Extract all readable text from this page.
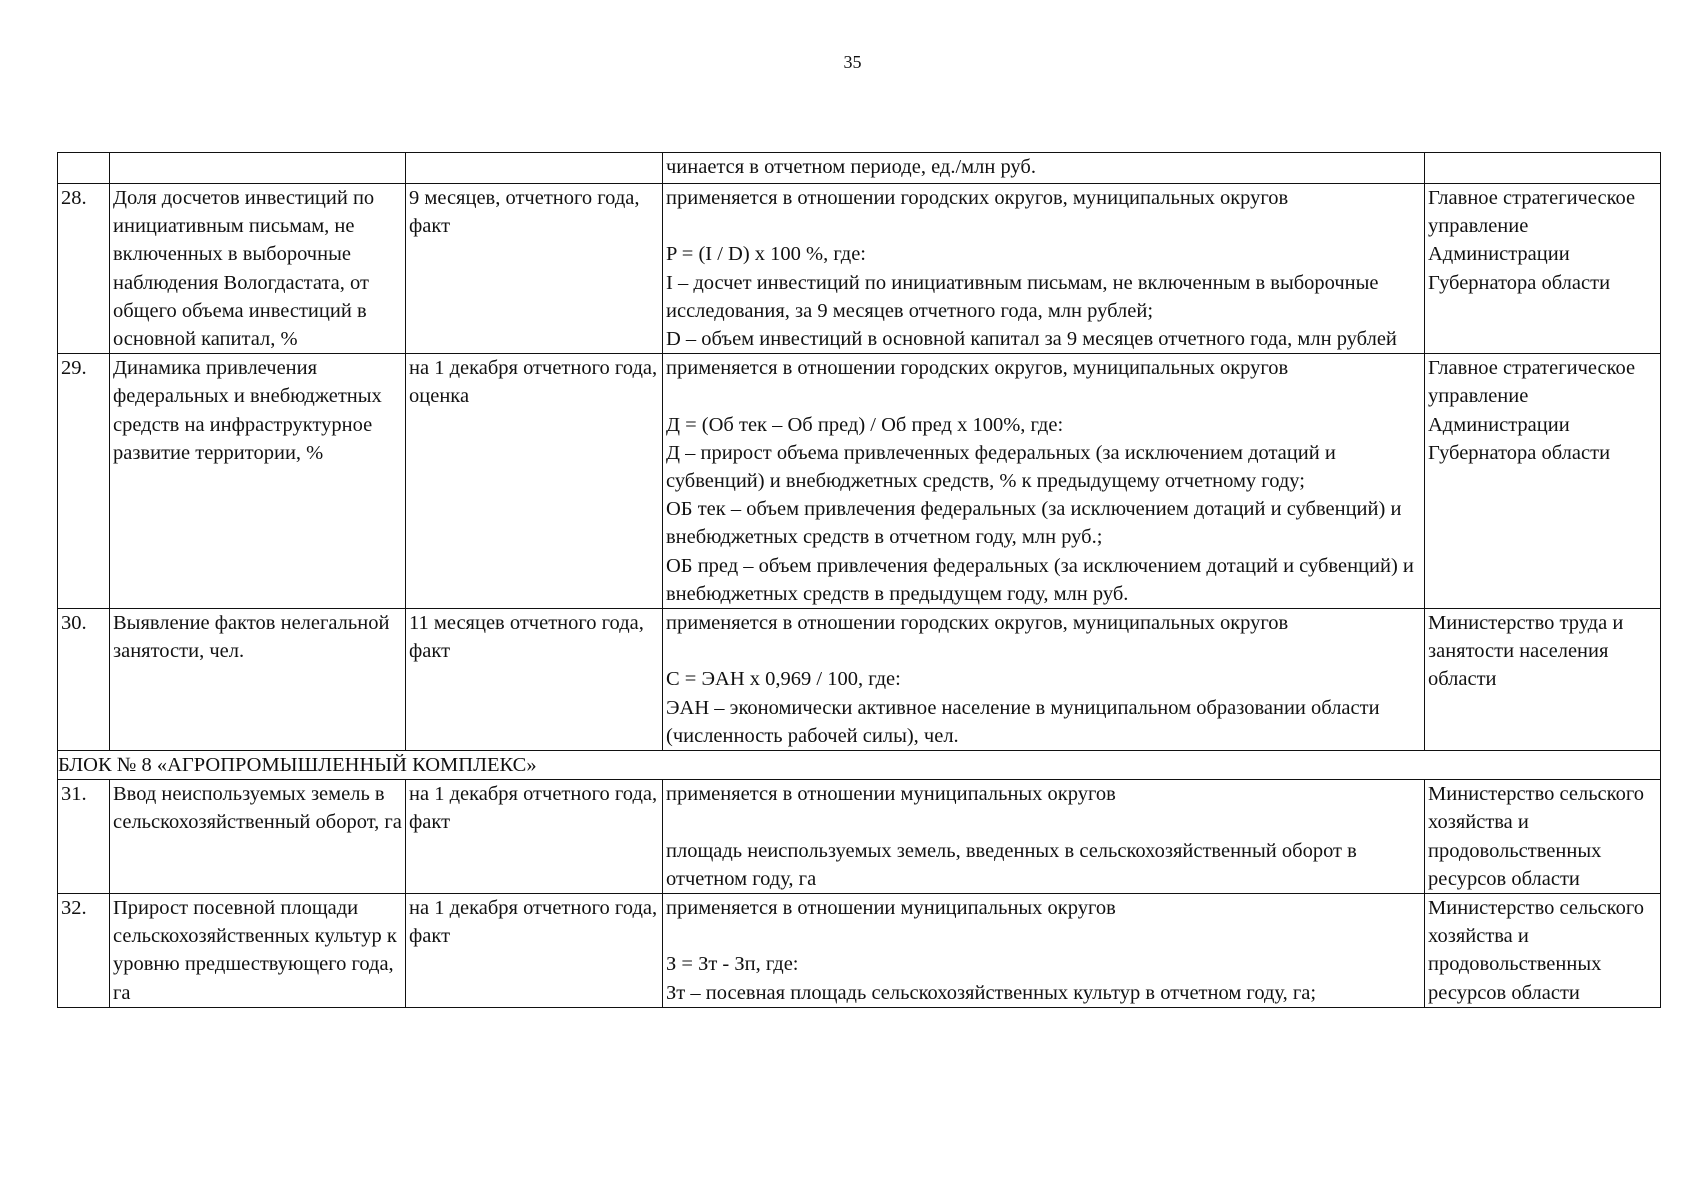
35
			чинается в отчетном периоде, ед./млн руб.	
28.	Доля досчетов инвестиций по инициативным письмам, не включенных в выборочные наблюдения Вологдастата, от общего объема инвестиций в основной капитал, %	9 месяцев, отчетного года, факт	применяется в отношении городских округов, муниципальных округов
P = (I / D) x 100 %, где:
I – досчет инвестиций по инициативным письмам, не включенным в выборочные исследования, за 9 месяцев отчетного года, млн рублей;
D – объем инвестиций в основной капитал за 9 месяцев отчетного года, млн рублей	Главное стратегическое управление Администрации Губернатора области
29.	Динамика привлечения федеральных и внебюджетных средств на инфраструктурное развитие территории, %	на 1 декабря отчетного года, оценка	применяется в отношении городских округов, муниципальных округов
Д = (Об тек – Об пред) / Об пред х 100%, где:
Д – прирост объема привлеченных федеральных (за исключением дотаций и субвенций) и внебюджетных средств, % к предыдущему отчетному году;
ОБ тек – объем привлечения федеральных (за исключением дотаций и субвенций) и внебюджетных средств в отчетном году, млн руб.;
ОБ пред – объем привлечения федеральных (за исключением дотаций и субвенций) и внебюджетных средств в предыдущем году, млн руб.	Главное стратегическое управление Администрации Губернатора области
30.	Выявление фактов нелегальной занятости, чел.	11 месяцев отчетного года, факт	применяется в отношении городских округов, муниципальных округов
С = ЭАН х 0,969 / 100, где:
ЭАН – экономически активное население в муниципальном образовании области (численность рабочей силы), чел.	Министерство труда и занятости населения области
БЛОК № 8 «АГРОПРОМЫШЛЕННЫЙ КОМПЛЕКС»				
31.	Ввод неиспользуемых земель в сельскохозяйственный оборот, га	на 1 декабря отчетного года, факт	применяется в отношении муниципальных округов
площадь неиспользуемых земель, введенных в сельскохозяйственный оборот в отчетном году, га	Министерство сельского хозяйства и продовольственных ресурсов области
32.	Прирост посевной площади сельскохозяйственных культур к уровню предшествующего года, га	на 1 декабря отчетного года, факт	применяется в отношении муниципальных округов
З = Зт - Зп, где:
Зт – посевная площадь сельскохозяйственных культур в отчетном году, га;	Министерство сельского хозяйства и продовольственных ресурсов области
